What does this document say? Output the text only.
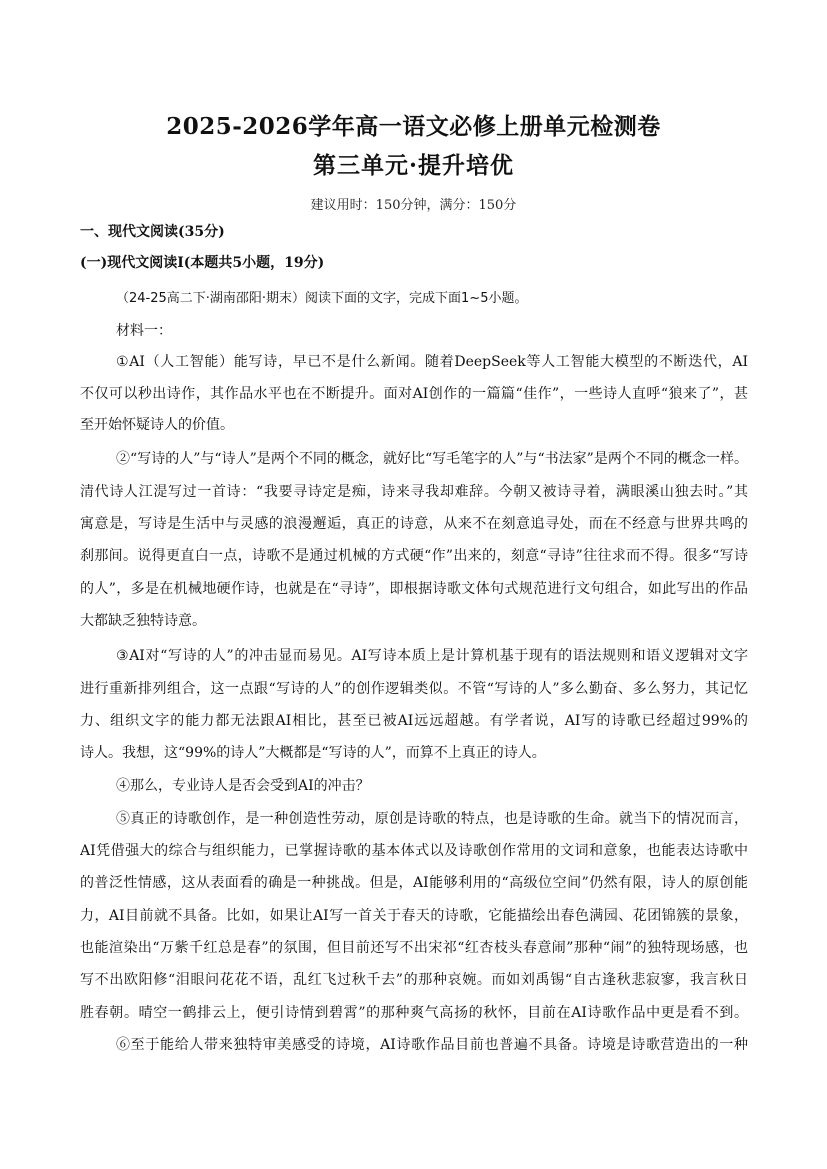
2025-2026学年高一语文必修上册单元检测卷
第三单元·提升培优
建议用时：150分钟，满分：150分
一、现代文阅读(35分)
(一)现代文阅读Ⅰ(本题共5小题，19分)
（24-25高二下·湖南邵阳·期末）阅读下面的文字，完成下面1~5小题。
材料一：
①AI（人工智能）能写诗，早已不是什么新闻。随着DeepSeek等人工智能大模型的不断迭代，AI
不仅可以秒出诗作，其作品水平也在不断提升。面对AI创作的一篇篇“佳作”，一些诗人直呼“狼来了”，甚
至开始怀疑诗人的价值。
②“写诗的人”与“诗人”是两个不同的概念，就好比“写毛笔字的人”与“书法家”是两个不同的概念一样。
清代诗人江湜写过一首诗：“我要寻诗定是痴，诗来寻我却难辞。今朝又被诗寻着，满眼溪山独去时。”其
寓意是，写诗是生活中与灵感的浪漫邂逅，真正的诗意，从来不在刻意追寻处，而在不经意与世界共鸣的
刹那间。说得更直白一点，诗歌不是通过机械的方式硬“作”出来的，刻意“寻诗”往往求而不得。很多“写诗
的人”，多是在机械地硬作诗，也就是在“寻诗”，即根据诗歌文体句式规范进行文句组合，如此写出的作品
大都缺乏独特诗意。
③AI对“写诗的人”的冲击显而易见。AI写诗本质上是计算机基于现有的语法规则和语义逻辑对文字
进行重新排列组合，这一点跟“写诗的人”的创作逻辑类似。不管“写诗的人”多么勤奋、多么努力，其记忆
力、组织文字的能力都无法跟AI相比，甚至已被AI远远超越。有学者说，AI写的诗歌已经超过99%的
诗人。我想，这“99%的诗人”大概都是“写诗的人”，而算不上真正的诗人。
④那么，专业诗人是否会受到AI的冲击？
⑤真正的诗歌创作，是一种创造性劳动，原创是诗歌的特点，也是诗歌的生命。就当下的情况而言，
AI凭借强大的综合与组织能力，已掌握诗歌的基本体式以及诗歌创作常用的文词和意象，也能表达诗歌中
的普泛性情感，这从表面看的确是一种挑战。但是，AI能够利用的“高级位空间”仍然有限，诗人的原创能
力，AI目前就不具备。比如，如果让AI写一首关于春天的诗歌，它能描绘出春色满园、花团锦簇的景象，
也能渲染出“万紫千红总是春”的氛围，但目前还写不出宋祁“红杏枝头春意闹”那种“闹”的独特现场感，也
写不出欧阳修“泪眼问花花不语，乱红飞过秋千去”的那种哀婉。而如刘禹锡“自古逢秋悲寂寥，我言秋日
胜春朝。晴空一鹤排云上，便引诗情到碧霄”的那种爽气高扬的秋怀，目前在AI诗歌作品中更是看不到。
⑥至于能给人带来独特审美感受的诗境，AI诗歌作品目前也普遍不具备。诗境是诗歌营造出的一种
